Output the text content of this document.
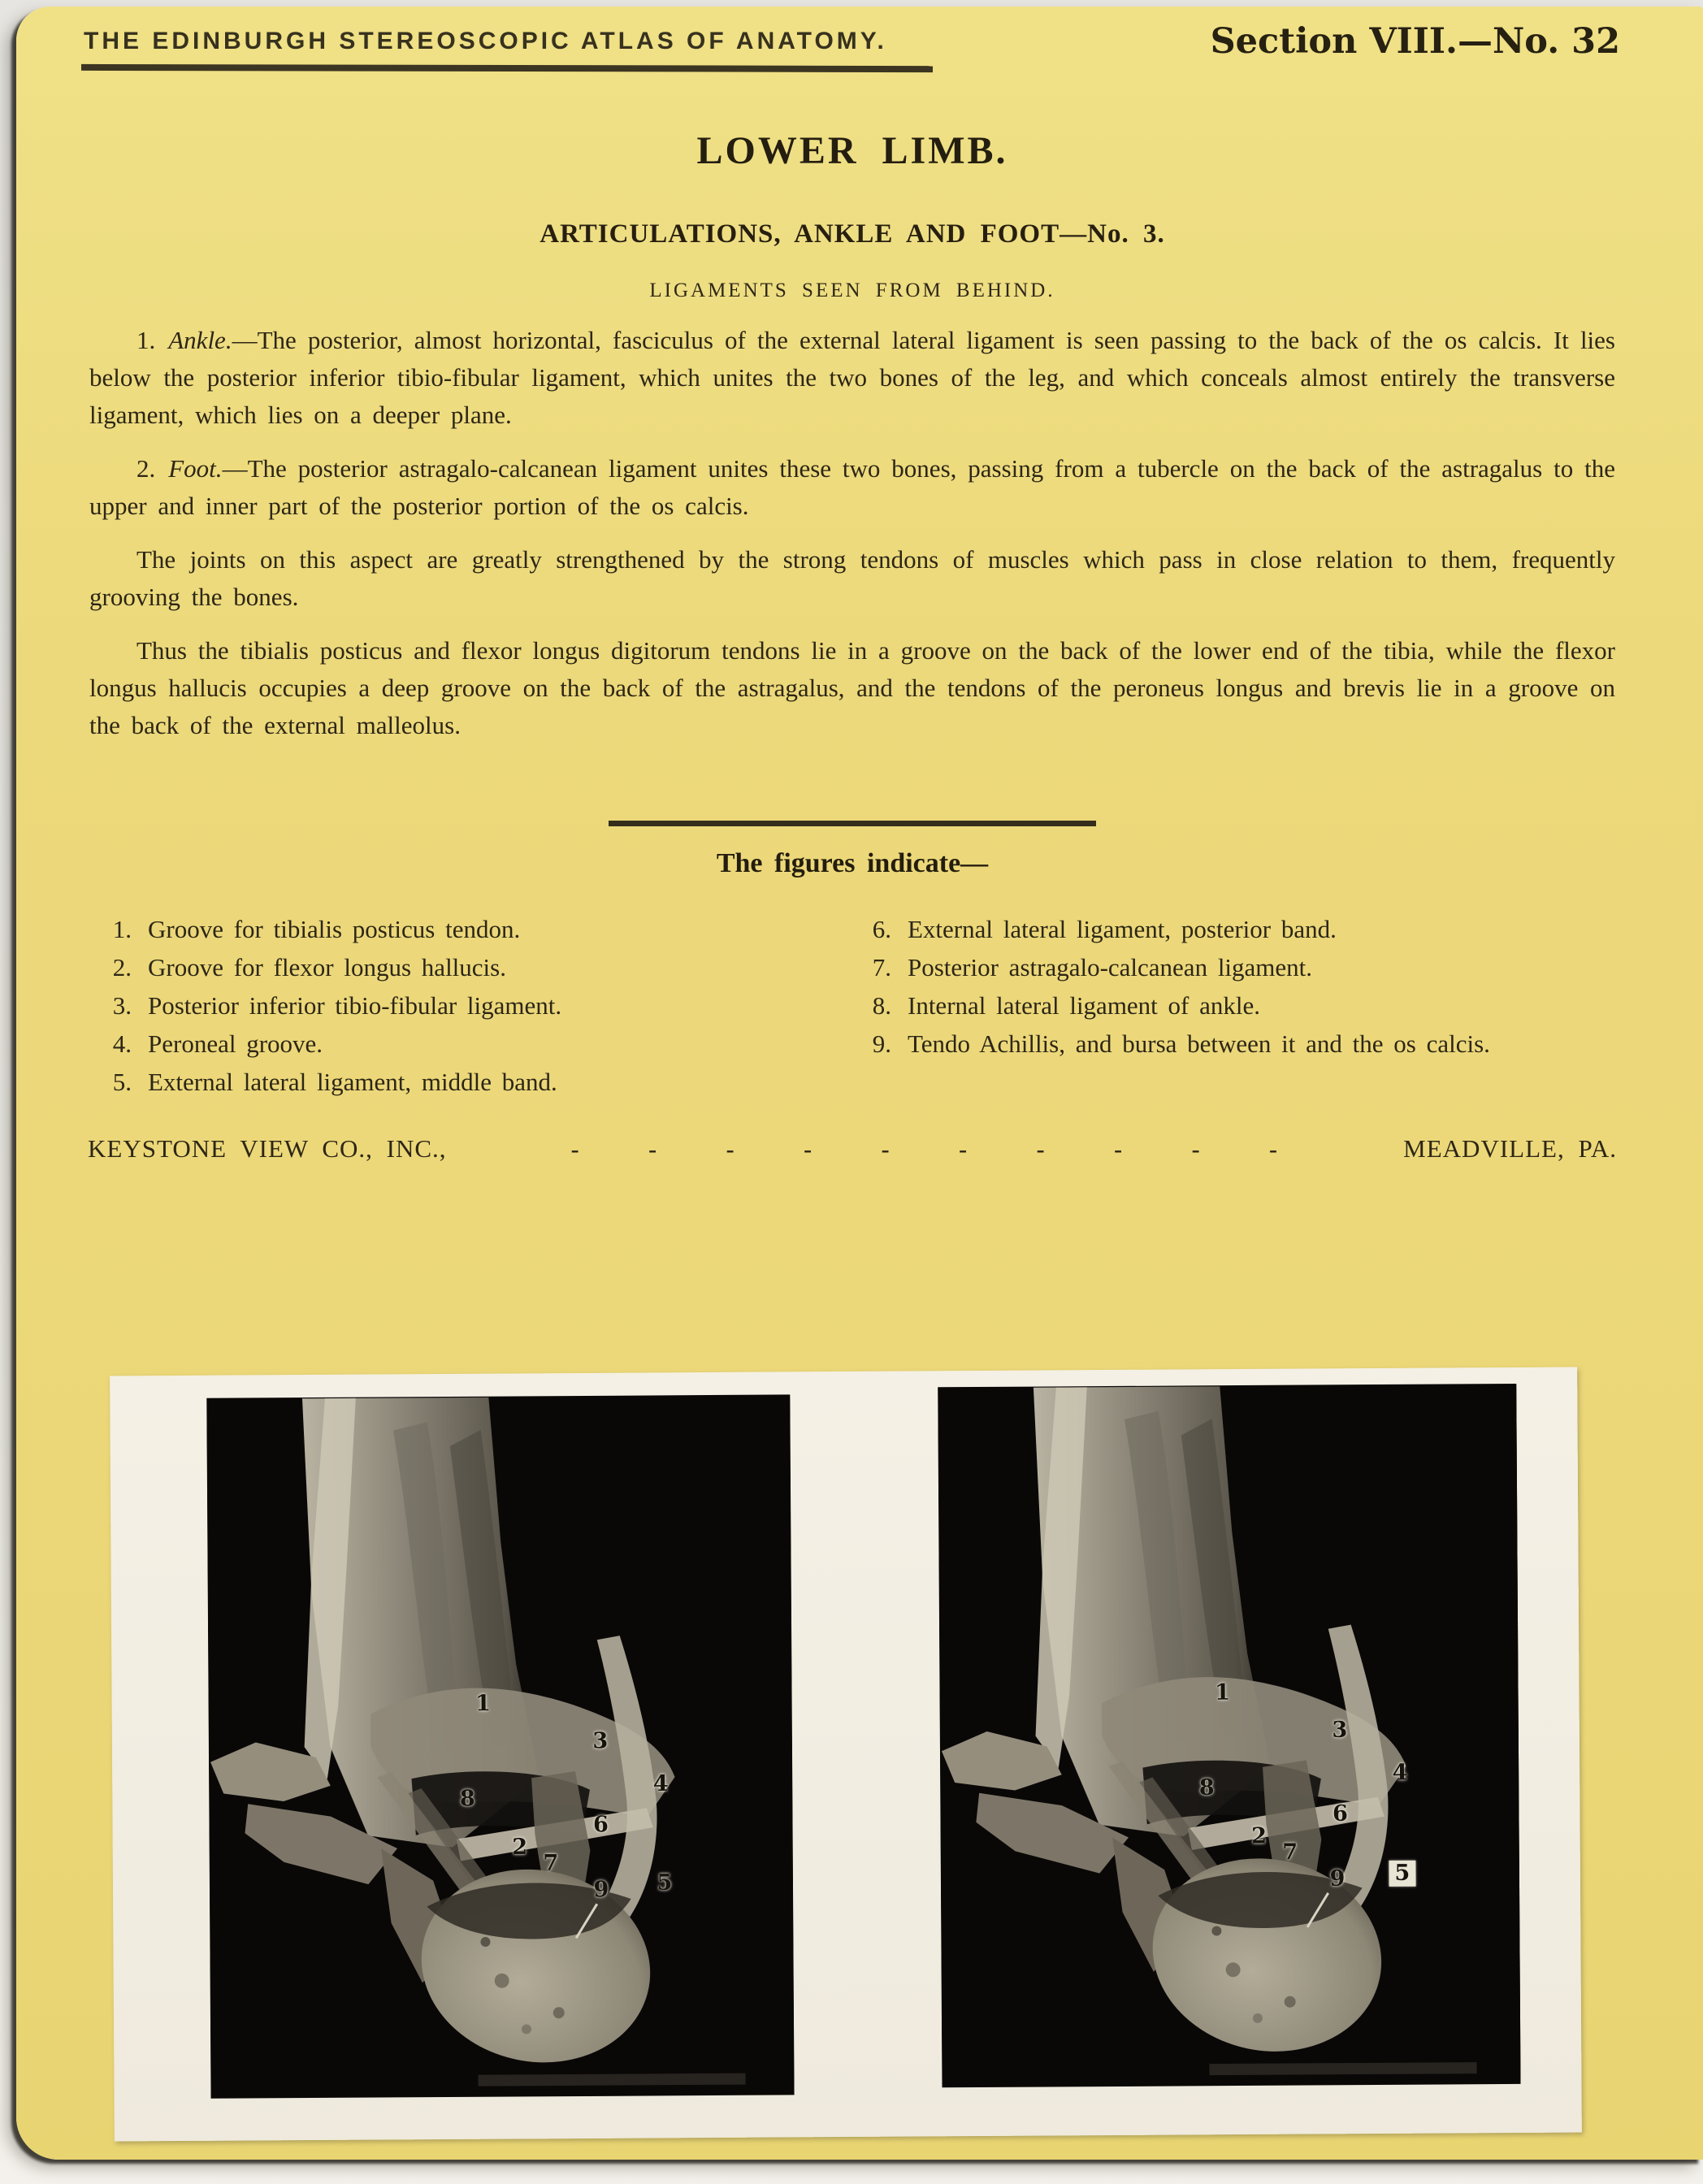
THE EDINBURGH STEREOSCOPIC ATLAS OF ANATOMY.	Section VIII.—No. 32
LOWER LIMB.
ARTICULATIONS, ANKLE AND FOOT—No. 3.
LIGAMENTS SEEN FROM BEHIND.

1. Ankle.—The posterior, almost horizontal, fasciculus of the external lateral ligament is seen passing to the back of the os calcis. It lies below the posterior inferior tibio-fibular ligament, which unites the two bones of the leg, and which conceals almost entirely the transverse ligament, which lies on a deeper plane.

2. Foot.—The posterior astragalo-calcanean ligament unites these two bones, passing from a tubercle on the back of the astragalus to the upper and inner part of the posterior portion of the os calcis.

The joints on this aspect are greatly strengthened by the strong tendons of muscles which pass in close relation to them, frequently grooving the bones.

Thus the tibialis posticus and flexor longus digitorum tendons lie in a groove on the back of the lower end of the tibia, while the flexor longus hallucis occupies a deep groove on the back of the astragalus, and the tendons of the peroneus longus and brevis lie in a groove on the back of the external malleolus.

The figures indicate—
1. Groove for tibialis posticus tendon.
2. Groove for flexor longus hallucis.
3. Posterior inferior tibio-fibular ligament.
4. Peroneal groove.
5. External lateral ligament, middle band.
6. External lateral ligament, posterior band.
7. Posterior astragalo-calcanean ligament.
8. Internal lateral ligament of ankle.
9. Tendo Achillis, and bursa between it and the os calcis.
KEYSTONE VIEW CO., INC.,	- - - - - - - - - -	MEADVILLE, PA.
1
3
4
8
6
2
7
9 5
1
3
4
8
6
2
7
9 5
